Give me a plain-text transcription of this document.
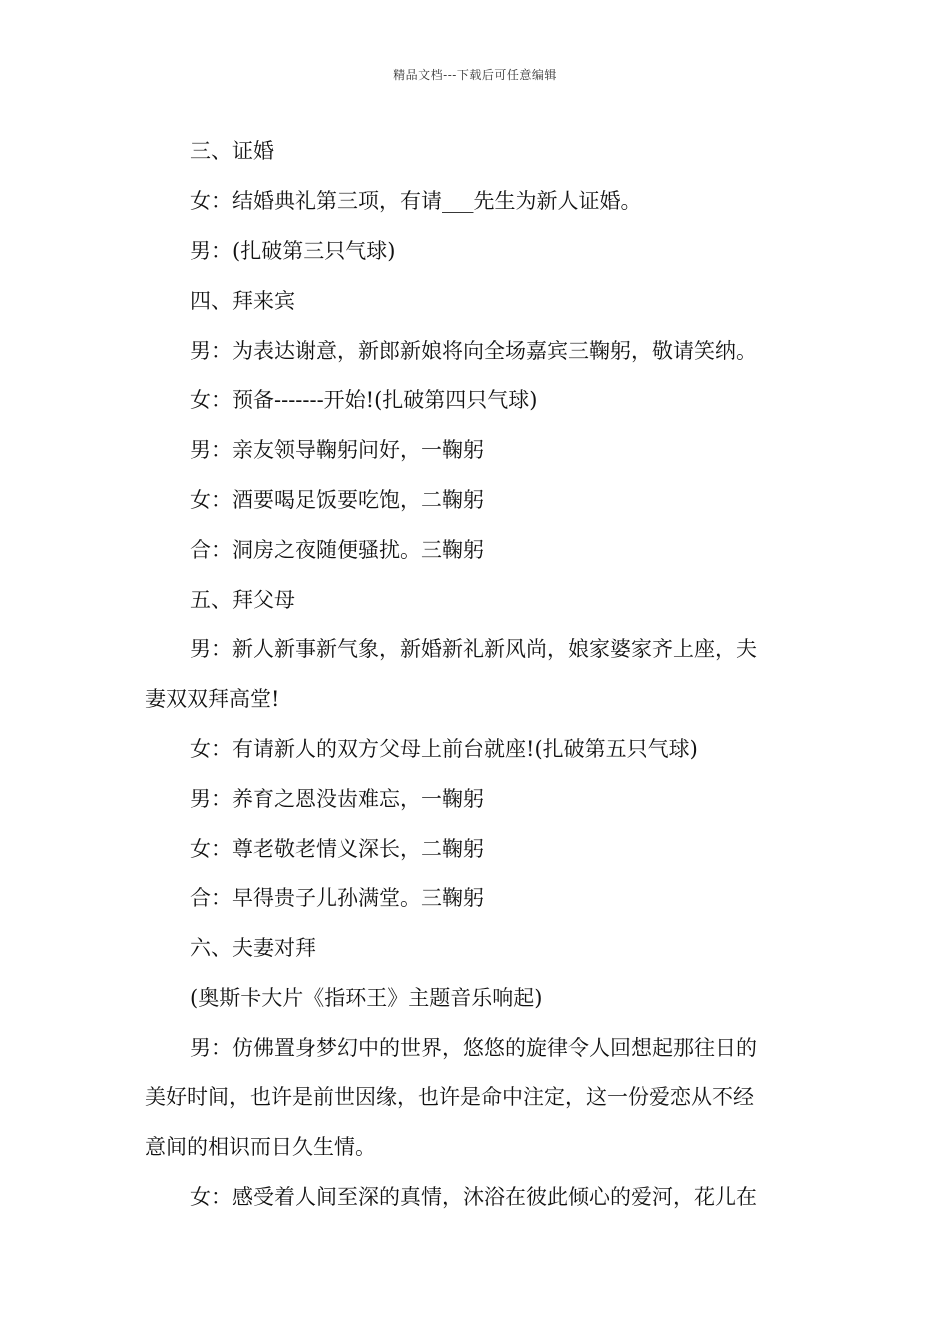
精品文档---下载后可任意编辑
三、证婚
女：结婚典礼第三项，有请___先生为新人证婚。
男：(扎破第三只气球)
四、拜来宾
男：为表达谢意，新郎新娘将向全场嘉宾三鞠躬，敬请笑纳。
女：预备-------开始!(扎破第四只气球)
男：亲友领导鞠躬问好，一鞠躬
女：酒要喝足饭要吃饱，二鞠躬
合：洞房之夜随便骚扰。三鞠躬
五、拜父母
男：新人新事新气象，新婚新礼新风尚，娘家婆家齐上座，夫
妻双双拜高堂!
女：有请新人的双方父母上前台就座!(扎破第五只气球)
男：养育之恩没齿难忘，一鞠躬
女：尊老敬老情义深长，二鞠躬
合：早得贵子儿孙满堂。三鞠躬
六、夫妻对拜
(奥斯卡大片《指环王》主题音乐响起)
男：仿佛置身梦幻中的世界，悠悠的旋律令人回想起那往日的
美好时间，也许是前世因缘，也许是命中注定，这一份爱恋从不经
意间的相识而日久生情。
女：感受着人间至深的真情，沐浴在彼此倾心的爱河，花儿在
